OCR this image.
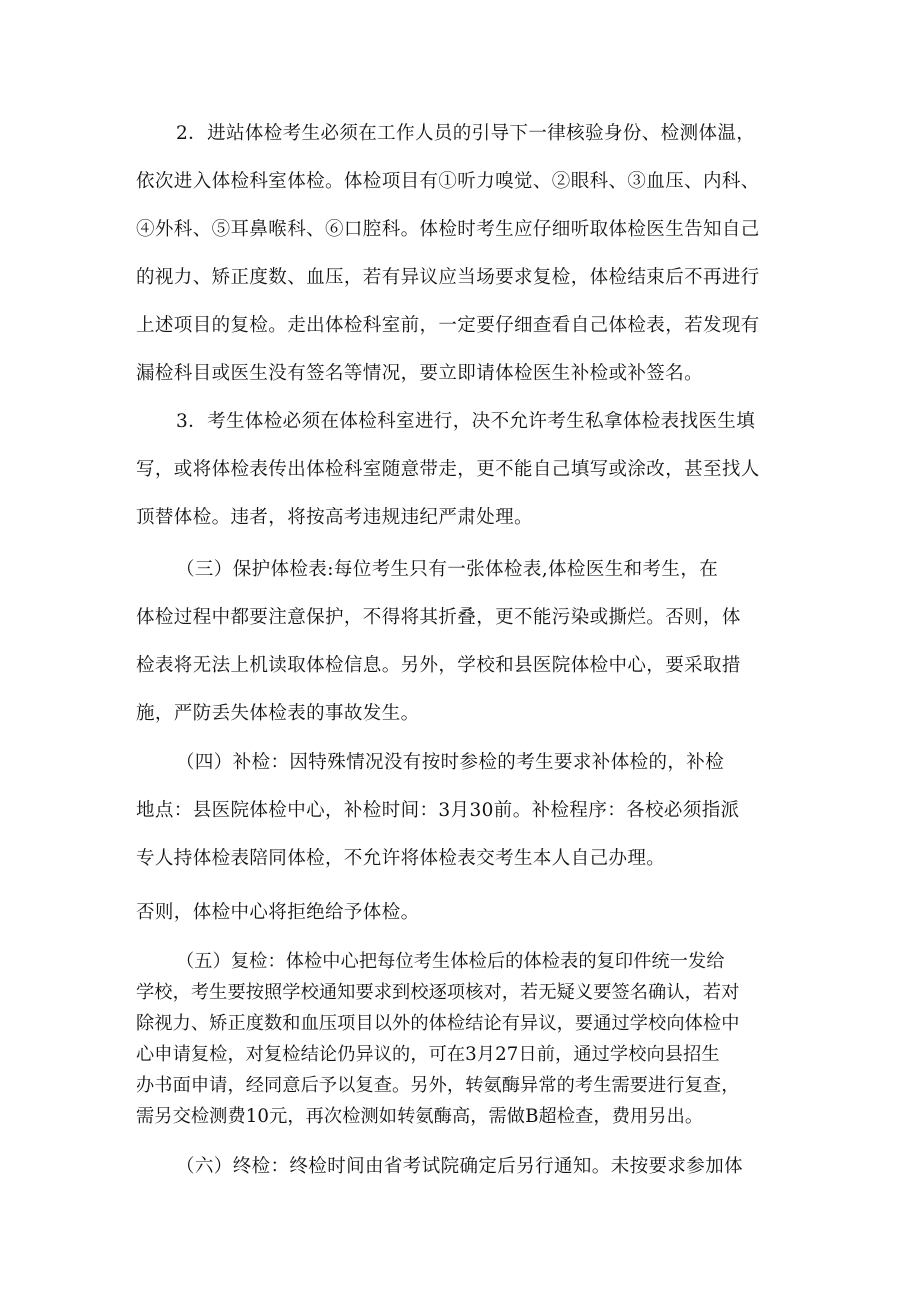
2．进站体检考生必须在工作人员的引导下一律核验身份、检测体温，
依次进入体检科室体检。体检项目有①听力嗅觉、②眼科、③血压、内科、
④外科、⑤耳鼻喉科、⑥口腔科。体检时考生应仔细听取体检医生告知自己
的视力、矫正度数、血压，若有异议应当场要求复检，体检结束后不再进行
上述项目的复检。走出体检科室前，一定要仔细查看自己体检表，若发现有
漏检科目或医生没有签名等情况，要立即请体检医生补检或补签名。
3．考生体检必须在体检科室进行，决不允许考生私拿体检表找医生填
写，或将体检表传出体检科室随意带走，更不能自己填写或涂改，甚至找人
顶替体检。违者，将按高考违规违纪严肃处理。
（三）保护体检表:每位考生只有一张体检表,体检医生和考生，在
体检过程中都要注意保护，不得将其折叠，更不能污染或撕烂。否则，体
检表将无法上机读取体检信息。另外，学校和县医院体检中心，要采取措
施，严防丢失体检表的事故发生。
（四）补检：因特殊情况没有按时参检的考生要求补体检的，补检
地点：县医院体检中心，补检时间：3月30前。补检程序：各校必须指派
专人持体检表陪同体检，不允许将体检表交考生本人自己办理。
否则，体检中心将拒绝给予体检。
（五）复检：体检中心把每位考生体检后的体检表的复印件统一发给
学校，考生要按照学校通知要求到校逐项核对，若无疑义要签名确认，若对
除视力、矫正度数和血压项目以外的体检结论有异议，要通过学校向体检中
心申请复检，对复检结论仍异议的，可在3月27日前，通过学校向县招生
办书面申请，经同意后予以复查。另外，转氨酶异常的考生需要进行复查，
需另交检测费10元，再次检测如转氨酶高，需做B超检查，费用另出。
（六）终检：终检时间由省考试院确定后另行通知。未按要求参加体
